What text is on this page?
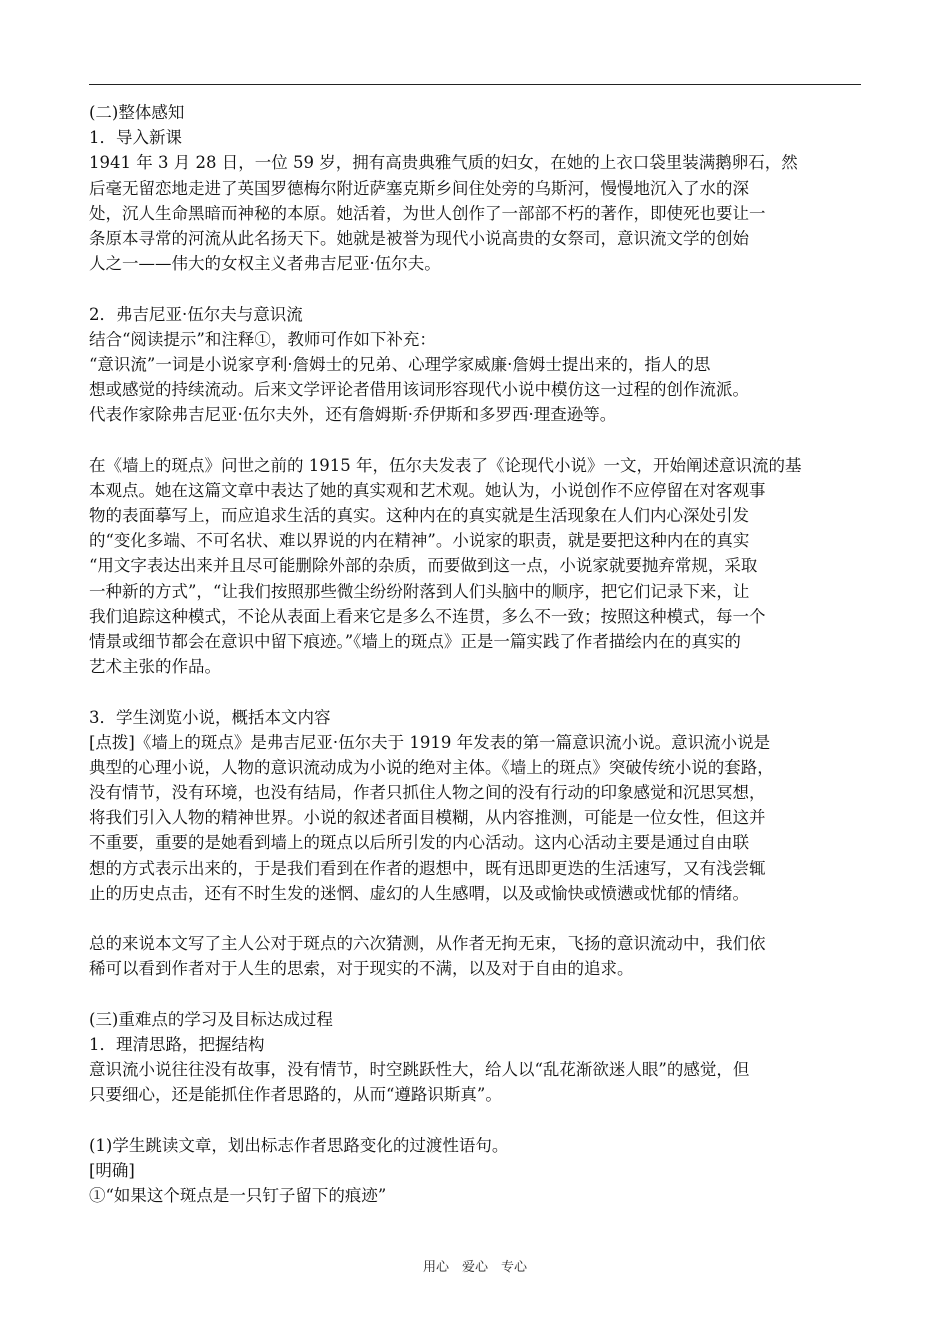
(二)整体感知
1．导入新课
1941 年 3 月 28 日，一位 59 岁，拥有高贵典雅气质的妇女，在她的上衣口袋里装满鹅卵石，然
后毫无留恋地走进了英国罗德梅尔附近萨塞克斯乡间住处旁的乌斯河，慢慢地沉入了水的深
处，沉人生命黑暗而神秘的本原。她活着，为世人创作了一部部不朽的著作，即使死也要让一
条原本寻常的河流从此名扬天下。她就是被誉为现代小说高贵的女祭司，意识流文学的创始
人之一——伟大的女权主义者弗吉尼亚·伍尔夫。
2．弗吉尼亚·伍尔夫与意识流
结合“阅读提示”和注释①，教师可作如下补充：
“意识流”一词是小说家亨利·詹姆士的兄弟、心理学家威廉·詹姆士提出来的，指人的思
想或感觉的持续流动。后来文学评论者借用该词形容现代小说中模仿这一过程的创作流派。
代表作家除弗吉尼亚·伍尔夫外，还有詹姆斯·乔伊斯和多罗西·理查逊等。
在《墙上的斑点》问世之前的 1915 年，伍尔夫发表了《论现代小说》一文，开始阐述意识流的基
本观点。她在这篇文章中表达了她的真实观和艺术观。她认为，小说创作不应停留在对客观事
物的表面摹写上，而应追求生活的真实。这种内在的真实就是生活现象在人们内心深处引发
的“变化多端、不可名状、难以界说的内在精神”。小说家的职责，就是要把这种内在的真实
“用文字表达出来并且尽可能删除外部的杂质，而要做到这一点，小说家就要抛弃常规，采取
一种新的方式”，“让我们按照那些微尘纷纷附落到人们头脑中的顺序，把它们记录下来，让
我们追踪这种模式，不论从表面上看来它是多么不连贯，多么不一致；按照这种模式，每一个
情景或细节都会在意识中留下痕迹。”《墙上的斑点》正是一篇实践了作者描绘内在的真实的
艺术主张的作品。
3．学生浏览小说，概括本文内容
[点拨]《墙上的斑点》是弗吉尼亚·伍尔夫于 1919 年发表的第一篇意识流小说。意识流小说是
典型的心理小说，人物的意识流动成为小说的绝对主体。《墙上的斑点》突破传统小说的套路，
没有情节，没有环境，也没有结局，作者只抓住人物之间的没有行动的印象感觉和沉思冥想，
将我们引入人物的精神世界。小说的叙述者面目模糊，从内容推测，可能是一位女性，但这并
不重要，重要的是她看到墙上的斑点以后所引发的内心活动。这内心活动主要是通过自由联
想的方式表示出来的，于是我们看到在作者的遐想中，既有迅即更迭的生活速写，又有浅尝辄
止的历史点击，还有不时生发的迷惘、虚幻的人生感喟，以及或愉快或愤懑或忧郁的情绪。
总的来说本文写了主人公对于斑点的六次猜测，从作者无拘无束，飞扬的意识流动中，我们依
稀可以看到作者对于人生的思索，对于现实的不满，以及对于自由的追求。
(三)重难点的学习及目标达成过程
1．理清思路，把握结构
意识流小说往往没有故事，没有情节，时空跳跃性大，给人以“乱花渐欲迷人眼”的感觉，但
只要细心，还是能抓住作者思路的，从而“遵路识斯真”。
(1)学生跳读文章，划出标志作者思路变化的过渡性语句。
[明确]
①“如果这个斑点是一只钉子留下的痕迹”
用心　爱心　专心
